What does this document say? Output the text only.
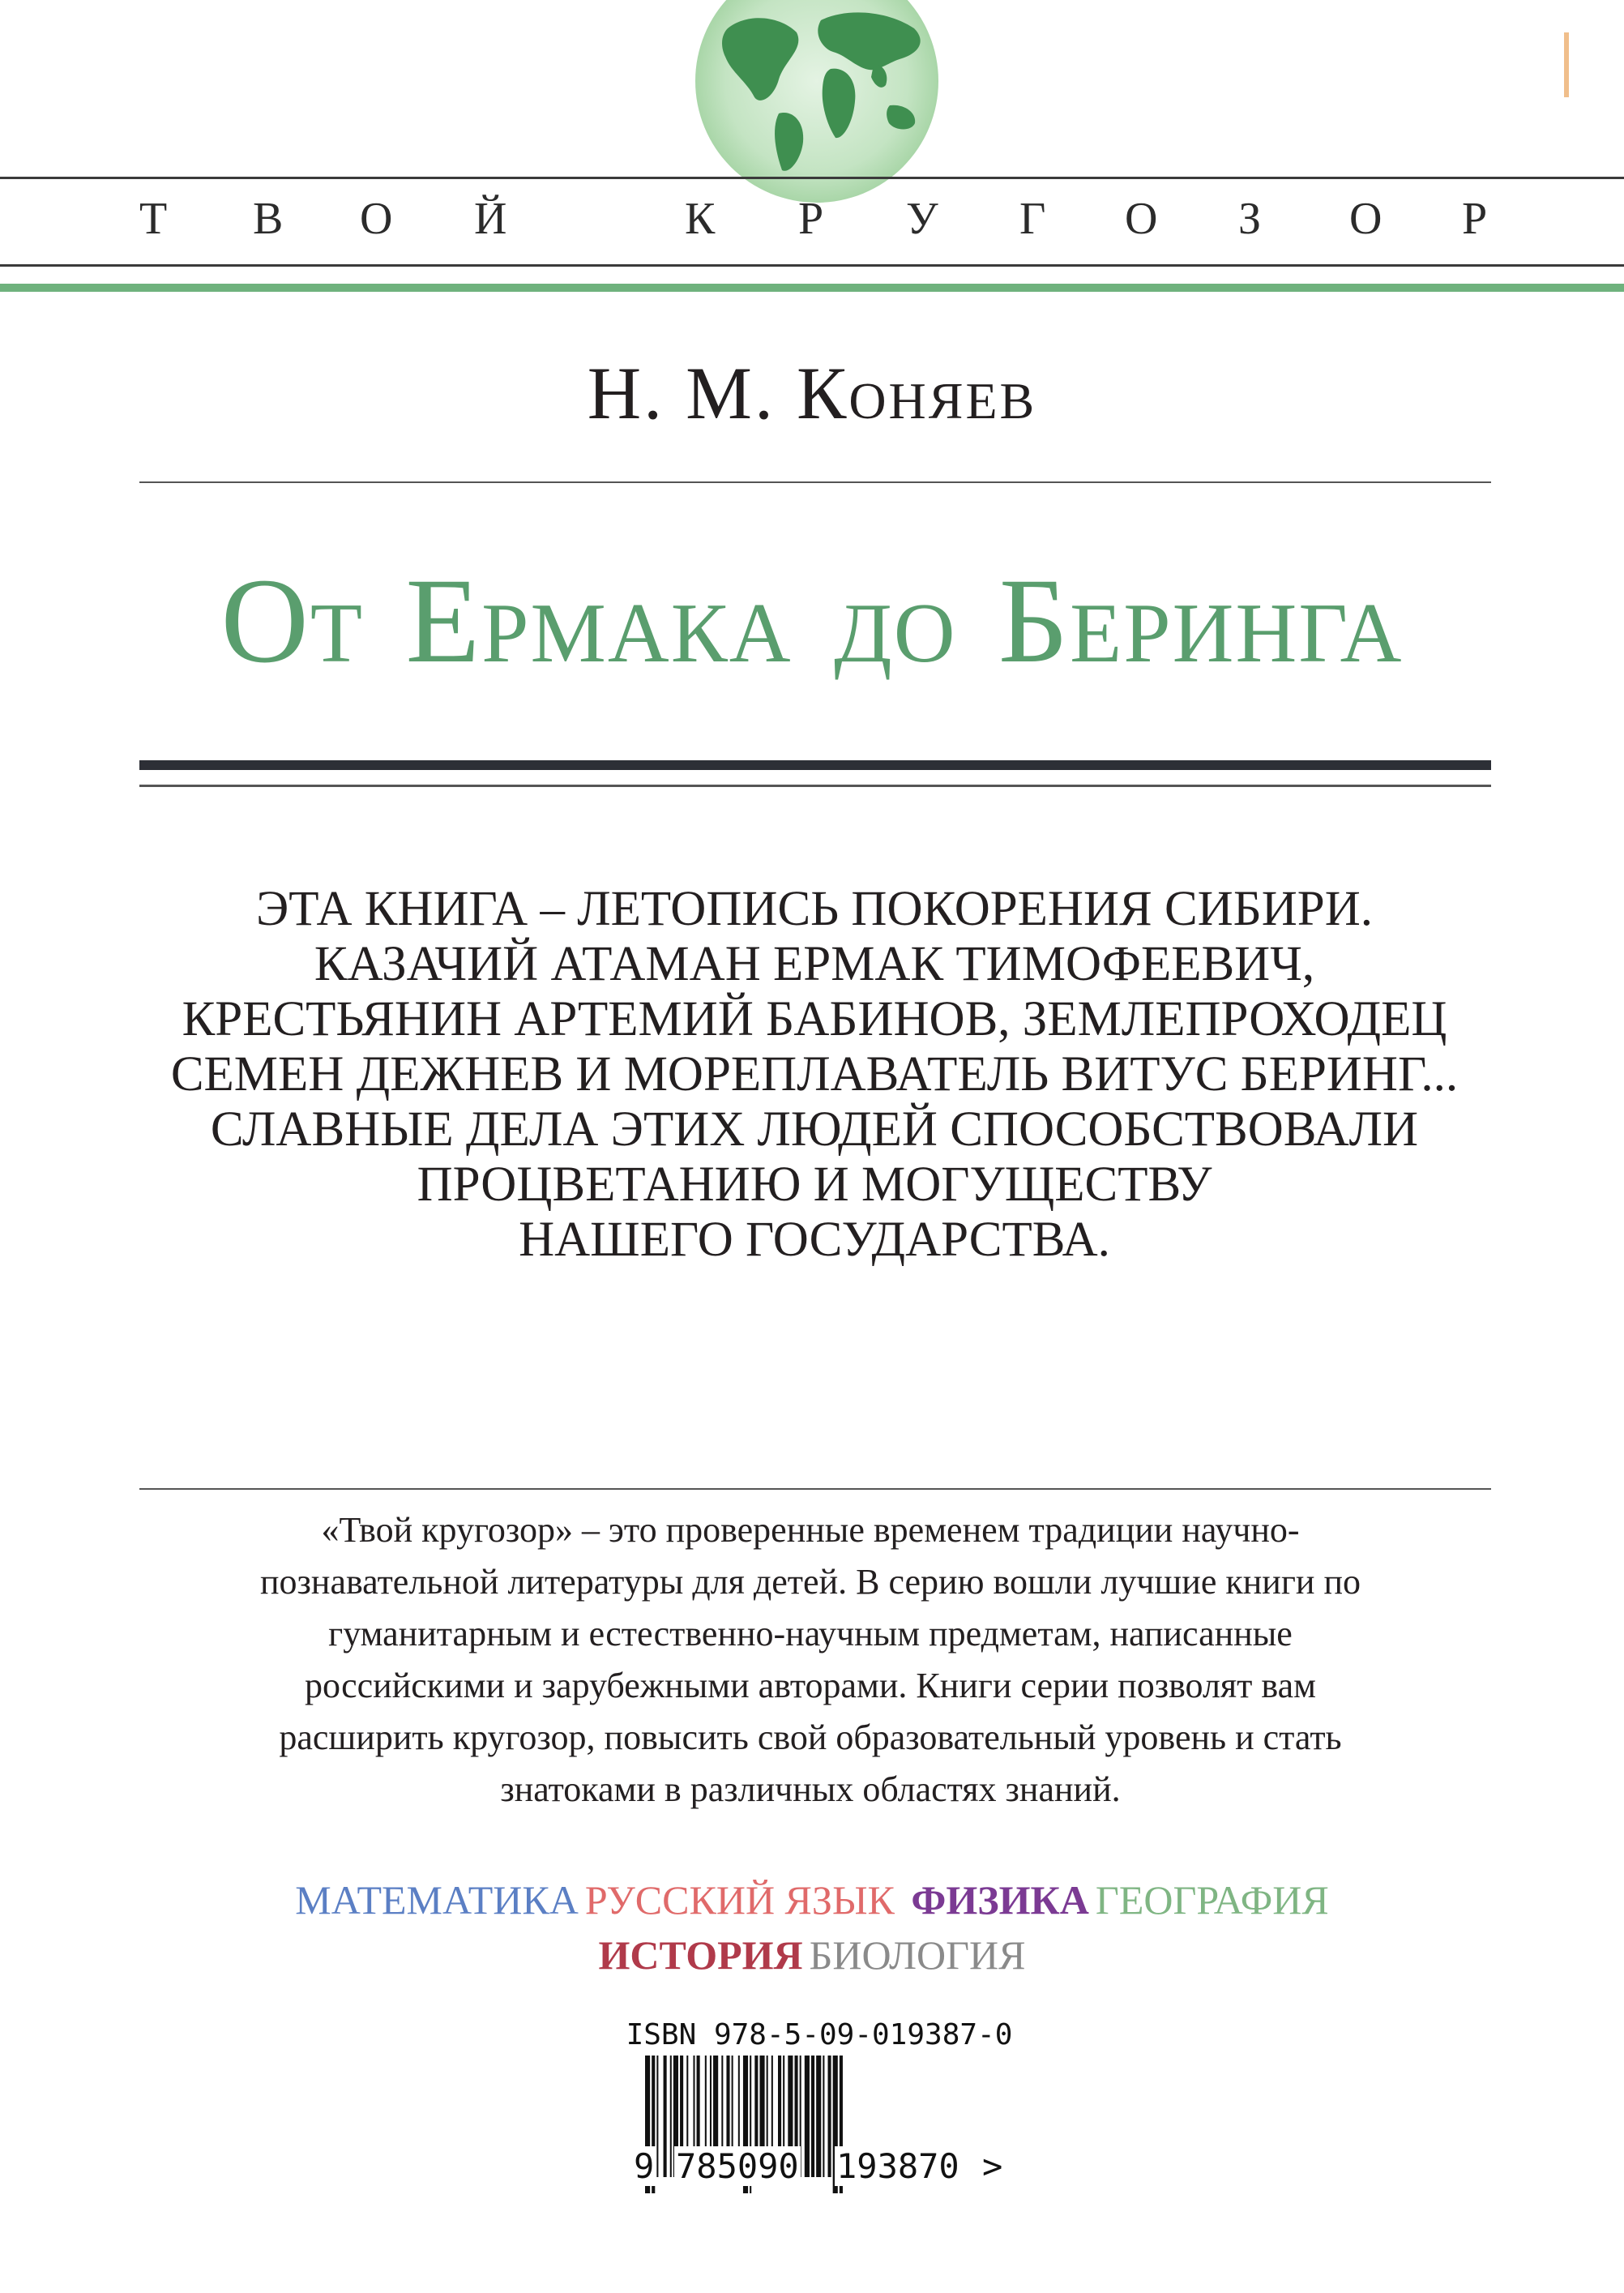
Т В О Й	К Р У Г О З О Р
Н. М. Коняев
От Ермака до Беринга
ЭТА КНИГА – ЛЕТОПИСЬ ПОКОРЕНИЯ СИБИРИ.
КАЗАЧИЙ АТАМАН ЕРМАК ТИМОФЕЕВИЧ,
КРЕСТЬЯНИН АРТЕМИЙ БАБИНОВ, ЗЕМЛЕПРОХОДЕЦ
СЕМЕН ДЕЖНЕВ И МОРЕПЛАВАТЕЛЬ ВИТУС БЕРИНГ...
СЛАВНЫЕ ДЕЛА ЭТИХ ЛЮДЕЙ СПОСОБСТВОВАЛИ
ПРОЦВЕТАНИЮ И МОГУЩЕСТВУ
НАШЕГО ГОСУДАРСТВА.
«Твой кругозор» – это проверенные временем традиции научно-
познавательной литературы для детей. В серию вошли лучшие книги по
гуманитарным и естественно-научным предметам, написанные
российскими и зарубежными авторами. Книги серии позволят вам
расширить кругозор, повысить свой образовательный уровень и стать
знатоками в различных областях знаний.
МАТЕМАТИКА РУССКИЙ ЯЗЫК ФИЗИКА ГЕОГРАФИЯ
ИСТОРИЯ БИОЛОГИЯ
ISBN 978-5-09-019387-0
9 785090 193870 >
